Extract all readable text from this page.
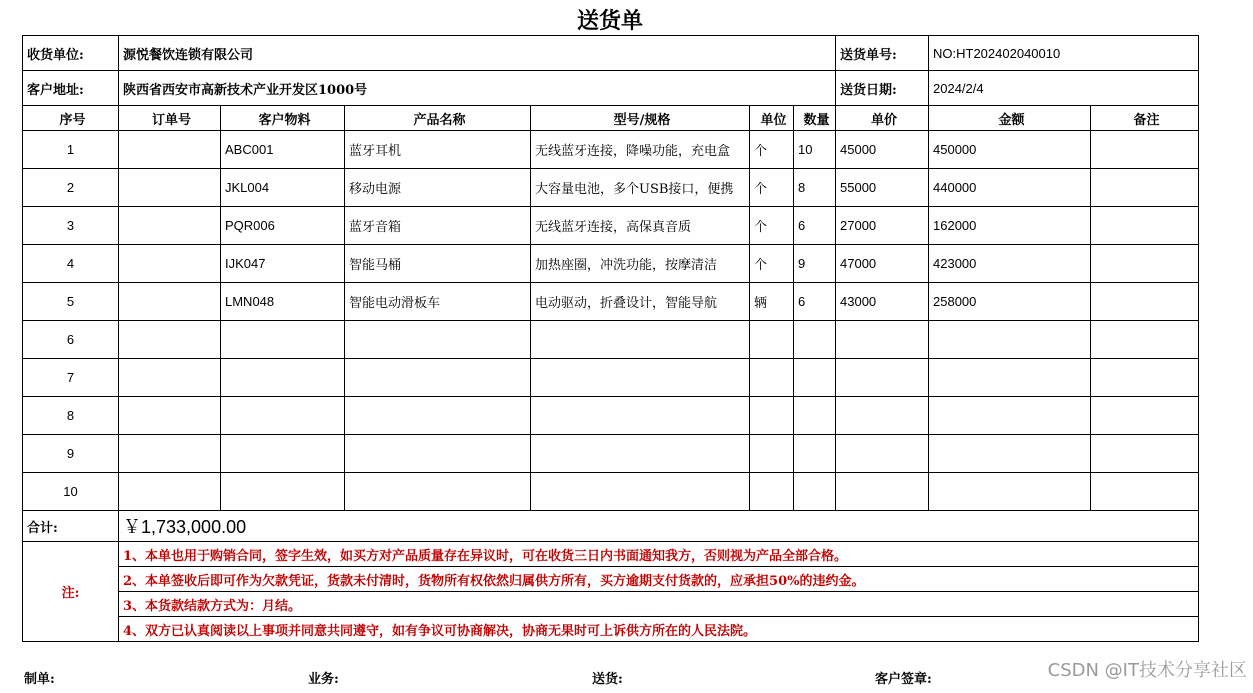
送货单
收货单位:	源悦餐饮连锁有限公司						送货单号:	NO:HT202402040010	
客户地址:	陕西省西安市高新技术产业开发区1000号						送货日期:	2024/2/4	
序号	订单号	客户物料	产品名称	型号/规格	单位	数量	单价	金额	备注
1		ABC001	蓝牙耳机	无线蓝牙连接，降噪功能，充电盒	个	10	45000	450000	
2		JKL004	移动电源	大容量电池，多个USB接口，便携	个	8	55000	440000	
3		PQR006	蓝牙音箱	无线蓝牙连接，高保真音质	个	6	27000	162000	
4		IJK047	智能马桶	加热座圈，冲洗功能，按摩清洁	个	9	47000	423000	
5		LMN048	智能电动滑板车	电动驱动，折叠设计，智能导航	辆	6	43000	258000	
6									
7									
8									
9									
10									
合计:	￥1,733,000.00								
注:	1、本单也用于购销合同，签字生效，如买方对产品质量存在异议时，可在收货三日内书面通知我方，否则视为产品全部合格。								
	2、本单签收后即可作为欠款凭证，货款未付清时，货物所有权依然归属供方所有，买方逾期支付货款的，应承担50%的违约金。								
	3、本货款结款方式为：月结。								
	4、双方已认真阅读以上事项并同意共同遵守，如有争议可协商解决，协商无果时可上诉供方所在的人民法院。								
制单:	业务:	送货:	客户签章:	CSDN @IT技术分享社区
